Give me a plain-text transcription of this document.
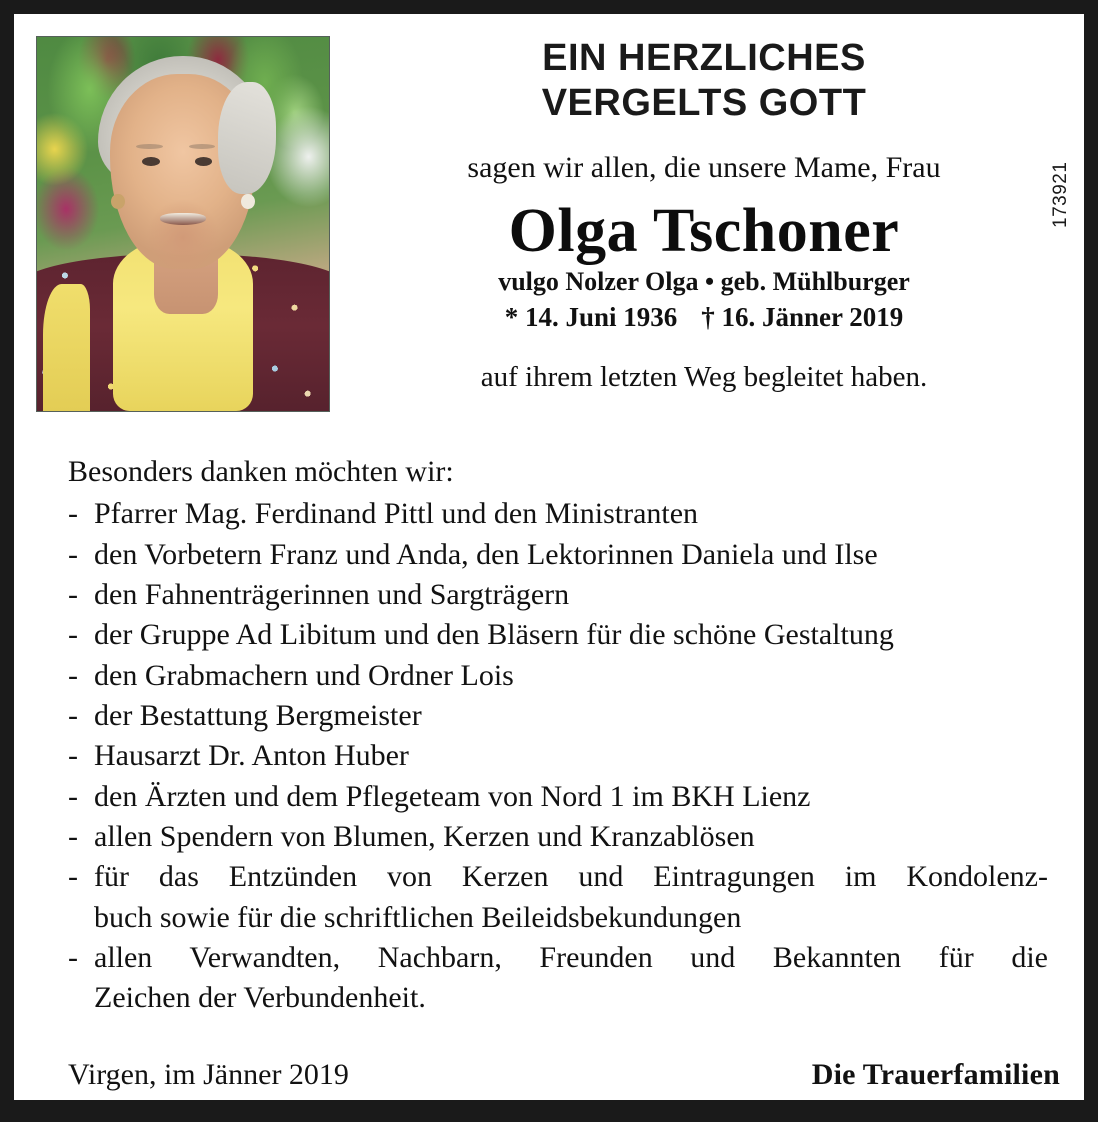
173921
EIN HERZLICHES
VERGELTS GOTT
sagen wir allen, die unsere Mame, Frau
Olga Tschoner
vulgo Nolzer Olga • geb. Mühlburger
* 14. Juni 1936 † 16. Jänner 2019
auf ihrem letzten Weg begleitet haben.
Besonders danken möchten wir:
- Pfarrer Mag. Ferdinand Pittl und den Ministranten
- den Vorbetern Franz und Anda, den Lektorinnen Daniela und Ilse
- den Fahnenträgerinnen und Sargträgern
- der Gruppe Ad Libitum und den Bläsern für die schöne Gestaltung
- den Grabmachern und Ordner Lois
- der Bestattung Bergmeister
- Hausarzt Dr. Anton Huber
- den Ärzten und dem Pflegeteam von Nord 1 im BKH Lienz
- allen Spendern von Blumen, Kerzen und Kranzablösen
- für das Entzünden von Kerzen und Eintragungen im Kondolenz-
buch sowie für die schriftlichen Beileidsbekundungen
- allen Verwandten, Nachbarn, Freunden und Bekannten für die
Zeichen der Verbundenheit.
Virgen, im Jänner 2019	Die Trauerfamilien
